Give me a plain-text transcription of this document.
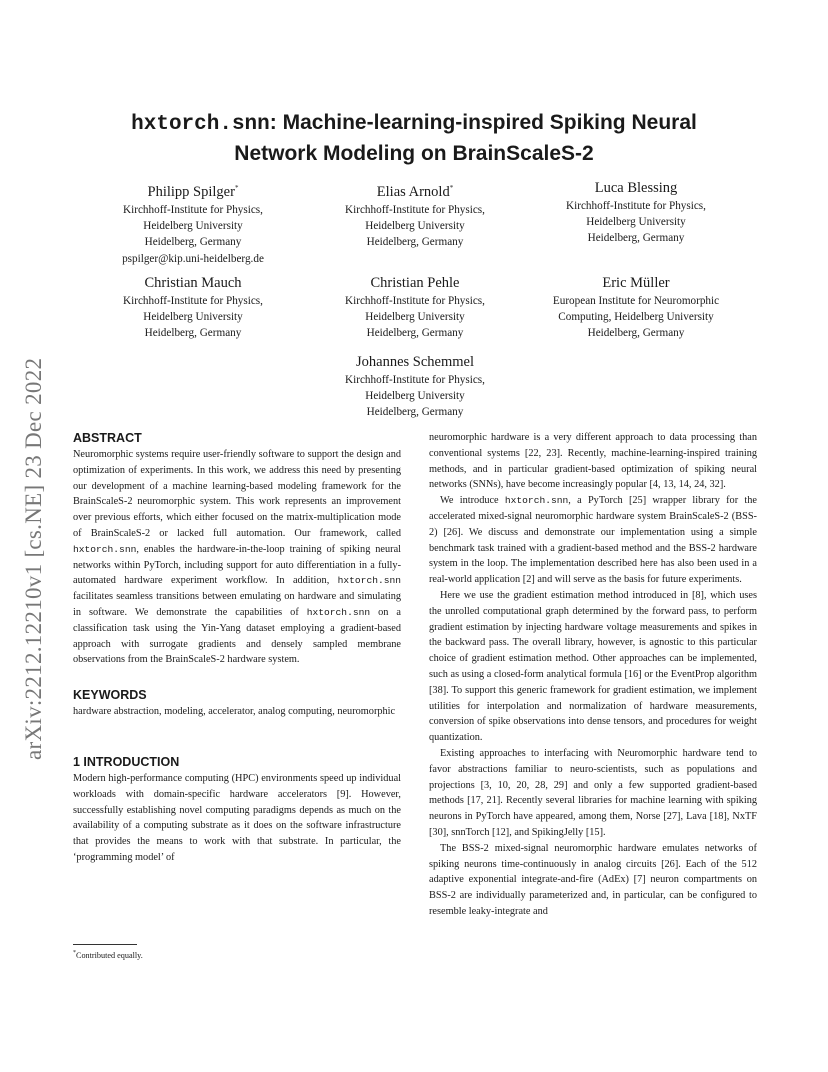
arXiv:2212.12210v1 [cs.NE] 23 Dec 2022
hxtorch.snn: Machine-learning-inspired Spiking Neural
Network Modeling on BrainScaleS-2
Philipp Spilger*
Kirchhoff-Institute for Physics,
Heidelberg University
Heidelberg, Germany
pspilger@kip.uni-heidelberg.de
Elias Arnold*
Kirchhoff-Institute for Physics,
Heidelberg University
Heidelberg, Germany
Luca Blessing
Kirchhoff-Institute for Physics,
Heidelberg University
Heidelberg, Germany
Christian Mauch
Kirchhoff-Institute for Physics,
Heidelberg University
Heidelberg, Germany
Christian Pehle
Kirchhoff-Institute for Physics,
Heidelberg University
Heidelberg, Germany
Eric Müller
European Institute for Neuromorphic
Computing, Heidelberg University
Heidelberg, Germany
Johannes Schemmel
Kirchhoff-Institute for Physics,
Heidelberg University
Heidelberg, Germany
ABSTRACT

Neuromorphic systems require user-friendly software to support the design and optimization of experiments. In this work, we address this need by presenting our development of a machine learning-based modeling framework for the BrainScaleS-2 neuromorphic system. This work represents an improvement over previous efforts, which either focused on the matrix-multiplication mode of BrainScaleS-2 or lacked full automation. Our framework, called hxtorch.snn, enables the hardware-in-the-loop training of spiking neural networks within PyTorch, including support for auto differentiation in a fully-automated hardware experiment workflow. In addition, hxtorch.snn facilitates seamless transitions between emulating on hardware and simulating in software. We demonstrate the capabilities of hxtorch.snn on a classification task using the Yin-Yang dataset employing a gradient-based approach with surrogate gradients and densely sampled membrane observations from the BrainScaleS-2 hardware system.

KEYWORDS

hardware abstraction, modeling, accelerator, analog computing, neuromorphic

1 INTRODUCTION

Modern high-performance computing (HPC) environments speed up individual workloads with domain-specific hardware accelerators [9]. However, successfully establishing novel computing paradigms depends as much on the availability of a computing substrate as it does on the software infrastructure that provides the means to work with that substrate. In particular, the ‘programming model’ of

neuromorphic hardware is a very different approach to data processing than conventional systems [22, 23]. Recently, machine-learning-inspired training methods, and in particular gradient-based optimization of spiking neural networks (SNNs), have become increasingly popular [4, 13, 14, 24, 32].

We introduce hxtorch.snn, a PyTorch [25] wrapper library for the accelerated mixed-signal neuromorphic hardware system BrainScaleS-2 (BSS-2) [26]. We discuss and demonstrate our implementation using a simple benchmark task trained with a gradient-based method and the BSS-2 hardware system in the loop. The implementation described here has also been used in a real-world application [2] and will serve as the basis for future experiments.

Here we use the gradient estimation method introduced in [8], which uses the unrolled computational graph determined by the forward pass, to perform gradient estimation by injecting hardware voltage measurements and spikes in the backward pass. The overall library, however, is agnostic to this particular choice of gradient estimation method. Other approaches can be implemented, such as using a closed-form analytical formula [16] or the EventProp algorithm [38]. To support this generic framework for gradient estimation, we implement utilities for interpolation and normalization of hardware measurements, conversion of spike observations into dense tensors, and procedures for weight quantization.

Existing approaches to interfacing with Neuromorphic hardware tend to favor abstractions familiar to neuro-scientists, such as populations and projections [3, 10, 20, 28, 29] and only a few supported gradient-based methods [17, 21]. Recently several libraries for machine learning with spiking neurons in PyTorch have appeared, among them, Norse [27], Lava [18], NxTF [30], snnTorch [12], and SpikingJelly [15].

The BSS-2 mixed-signal neuromorphic hardware emulates networks of spiking neurons time-continuously in analog circuits [26]. Each of the 512 adaptive exponential integrate-and-fire (AdEx) [7] neuron compartments on BSS-2 are individually parameterized and, in particular, can be configured to resemble leaky-integrate and

*Contributed equally.
